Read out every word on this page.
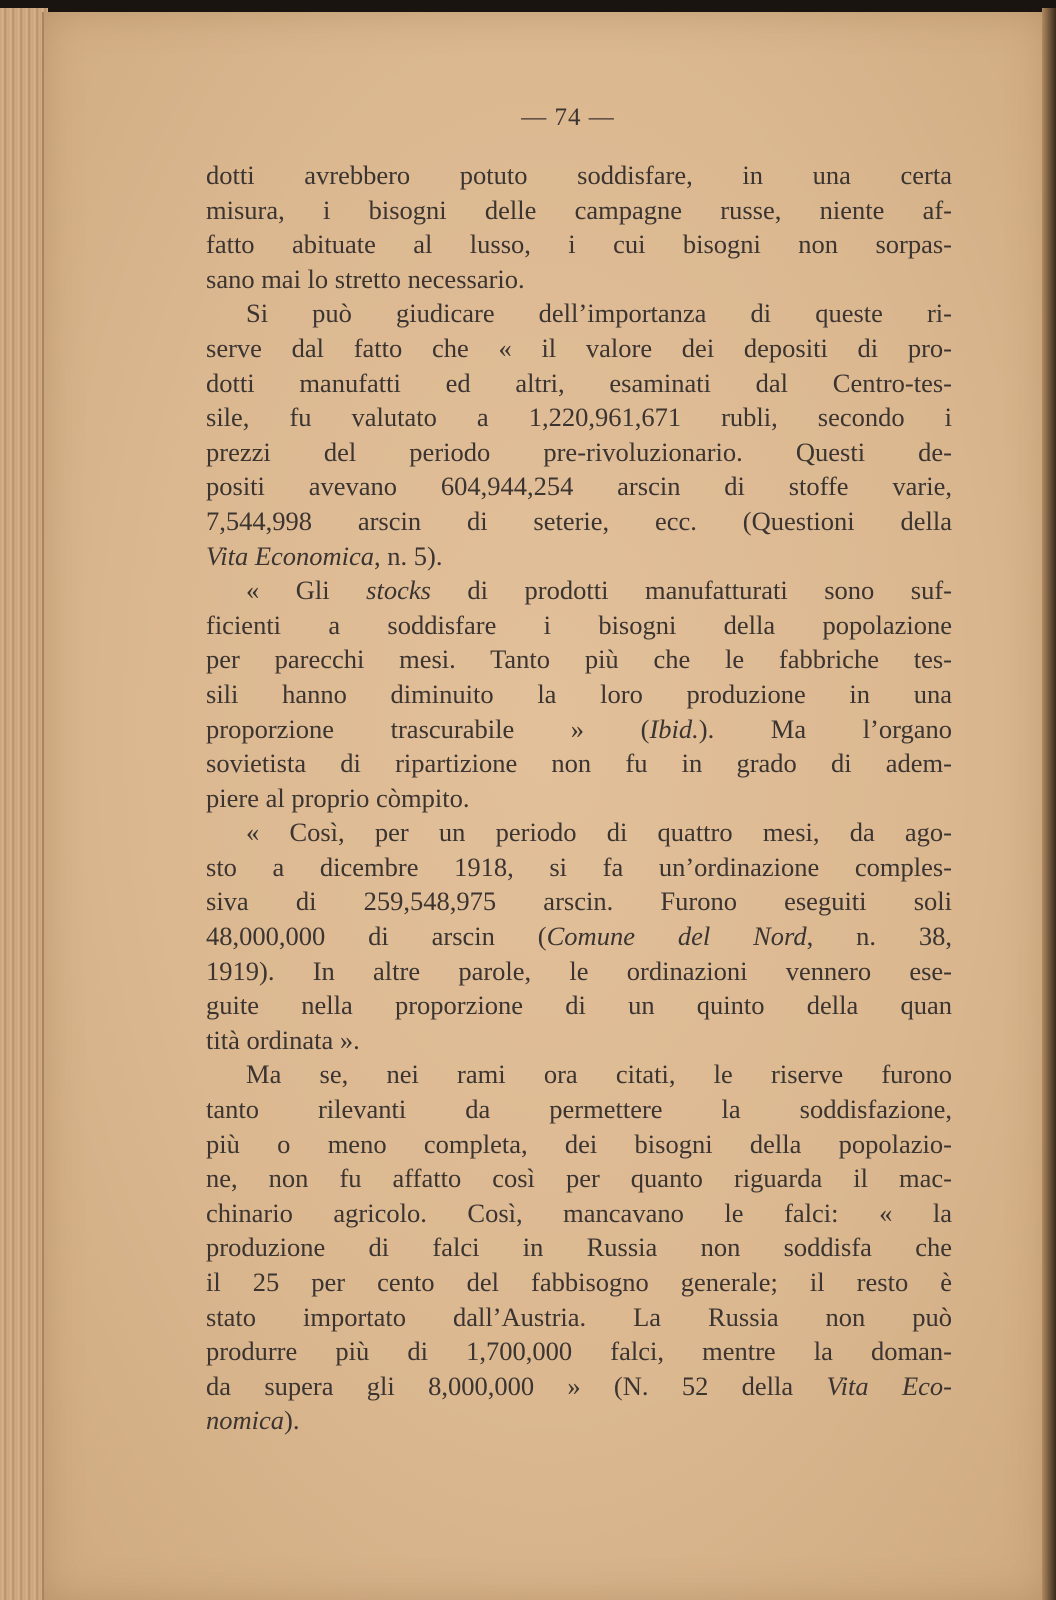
— 74 —
dotti avrebbero potuto soddisfare, in una certa
misura, i bisogni delle campagne russe, niente af-
fatto abituate al lusso, i cui bisogni non sorpas-
sano mai lo stretto necessario.
Si può giudicare dell’importanza di queste ri-
serve dal fatto che « il valore dei depositi di pro-
dotti manufatti ed altri, esaminati dal Centro-tes-
sile, fu valutato a 1,220,961,671 rubli, secondo i
prezzi del periodo pre-rivoluzionario. Questi de-
positi avevano 604,944,254 arscin di stoffe varie,
7,544,998 arscin di seterie, ecc. (Questioni della
Vita Economica, n. 5).
« Gli stocks di prodotti manufatturati sono suf-
ficienti a soddisfare i bisogni della popolazione
per parecchi mesi. Tanto più che le fabbriche tes-
sili hanno diminuito la loro produzione in una
proporzione trascurabile » (Ibid.). Ma l’organo
sovietista di ripartizione non fu in grado di adem-
piere al proprio còmpito.
« Così, per un periodo di quattro mesi, da ago-
sto a dicembre 1918, si fa un’ordinazione comples-
siva di 259,548,975 arscin. Furono eseguiti soli
48,000,000 di arscin (Comune del Nord, n. 38,
1919). In altre parole, le ordinazioni vennero ese-
guite nella proporzione di un quinto della quan
tità ordinata ».
Ma se, nei rami ora citati, le riserve furono
tanto rilevanti da permettere la soddisfazione,
più o meno completa, dei bisogni della popolazio-
ne, non fu affatto così per quanto riguarda il mac-
chinario agricolo. Così, mancavano le falci: « la
produzione di falci in Russia non soddisfa che
il 25 per cento del fabbisogno generale; il resto è
stato importato dall’Austria. La Russia non può
produrre più di 1,700,000 falci, mentre la doman-
da supera gli 8,000,000 » (N. 52 della Vita Eco-
nomica).
